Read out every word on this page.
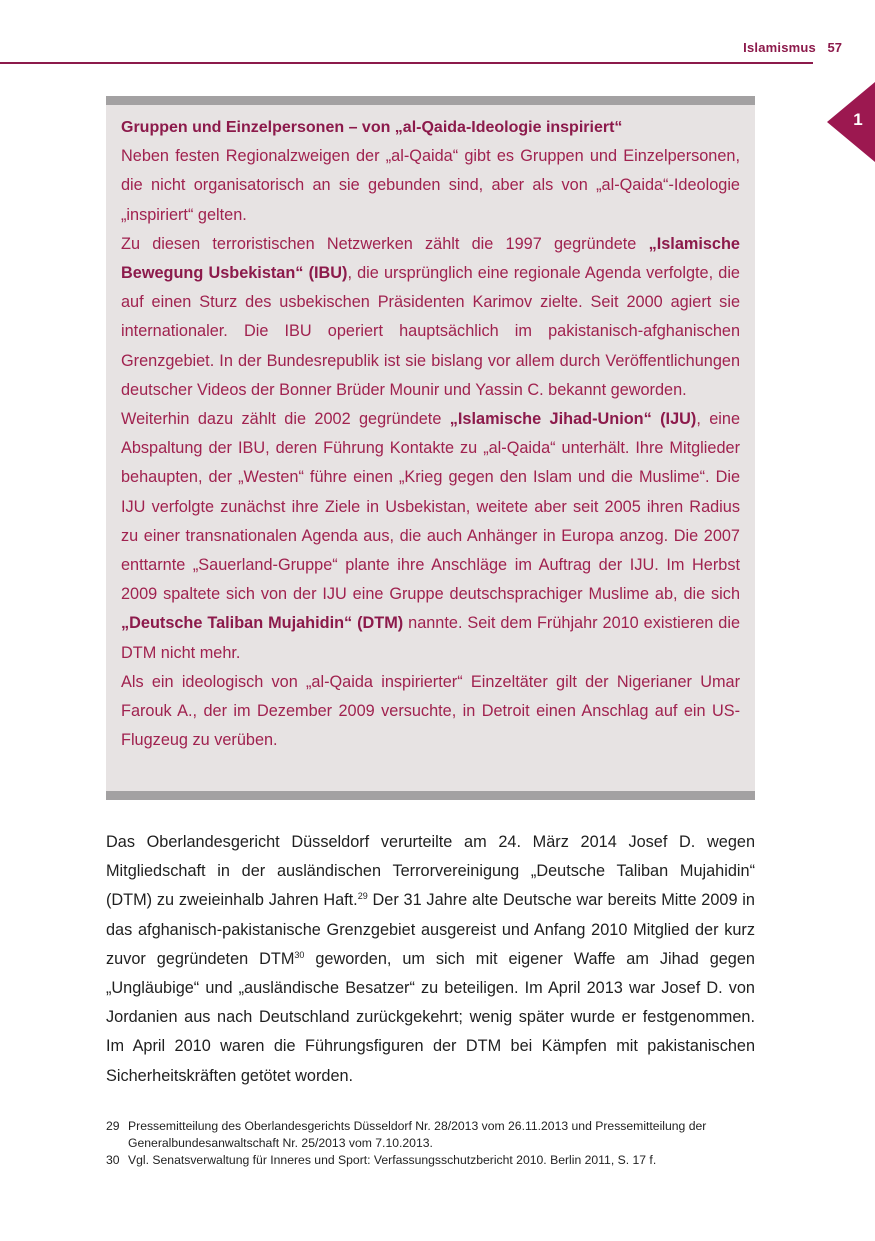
Islamismus 57
1

Gruppen und Einzelpersonen – von „al-Qaida-Ideologie inspiriert“

Neben festen Regionalzweigen der „al-Qaida“ gibt es Gruppen und Einzelpersonen, die nicht organisatorisch an sie gebunden sind, aber als von „al-Qaida“-Ideologie „inspiriert“ gelten.

Zu diesen terroristischen Netzwerken zählt die 1997 gegründete „Islamische Bewegung Usbekistan“ (IBU), die ursprünglich eine regionale Agenda verfolgte, die auf einen Sturz des usbekischen Präsidenten Karimov zielte. Seit 2000 agiert sie internationaler. Die IBU operiert hauptsächlich im pakistanisch-afghanischen Grenzgebiet. In der Bundesrepublik ist sie bislang vor allem durch Veröffentlichungen deutscher Videos der Bonner Brüder Mounir und Yassin C. bekannt geworden.

Weiterhin dazu zählt die 2002 gegründete „Islamische Jihad-Union“ (IJU), eine Abspaltung der IBU, deren Führung Kontakte zu „al-Qaida“ unterhält. Ihre Mitglieder behaupten, der „Westen“ führe einen „Krieg gegen den Islam und die Muslime“. Die IJU verfolgte zunächst ihre Ziele in Usbekistan, weitete aber seit 2005 ihren Radius zu einer transnationalen Agenda aus, die auch Anhänger in Europa anzog. Die 2007 enttarnte „Sauerland-Gruppe“ plante ihre Anschläge im Auftrag der IJU. Im Herbst 2009 spaltete sich von der IJU eine Gruppe deutschsprachiger Muslime ab, die sich „Deutsche Taliban Mujahidin“ (DTM) nannte. Seit dem Frühjahr 2010 existieren die DTM nicht mehr.

Als ein ideologisch von „al-Qaida inspirierter“ Einzeltäter gilt der Nigerianer Umar Farouk A., der im Dezember 2009 versuchte, in Detroit einen Anschlag auf ein US-Flugzeug zu verüben.

Das Oberlandesgericht Düsseldorf verurteilte am 24. März 2014 Josef D. wegen Mitgliedschaft in der ausländischen Terrorvereinigung „Deutsche Taliban Mujahidin“ (DTM) zu zweieinhalb Jahren Haft.$^{29}$ Der 31 Jahre alte Deutsche war bereits Mitte 2009 in das afghanisch-pakistanische Grenzgebiet ausgereist und Anfang 2010 Mitglied der kurz zuvor gegründeten DTM$^{30}$ geworden, um sich mit eigener Waffe am Jihad gegen „Ungläubige“ und „ausländische Besatzer“ zu beteiligen. Im April 2013 war Josef D. von Jordanien aus nach Deutschland zurückgekehrt; wenig später wurde er festgenommen. Im April 2010 waren die Führungsfiguren der DTM bei Kämpfen mit pakistanischen Sicherheitskräften getötet worden.

29 Pressemitteilung des Oberlandesgerichts Düsseldorf Nr. 28/2013 vom 26.11.2013 und Pressemitteilung der Generalbundesanwaltschaft Nr. 25/2013 vom 7.10.2013.
30 Vgl. Senatsverwaltung für Inneres und Sport: Verfassungsschutzbericht 2010. Berlin 2011, S. 17 f.
